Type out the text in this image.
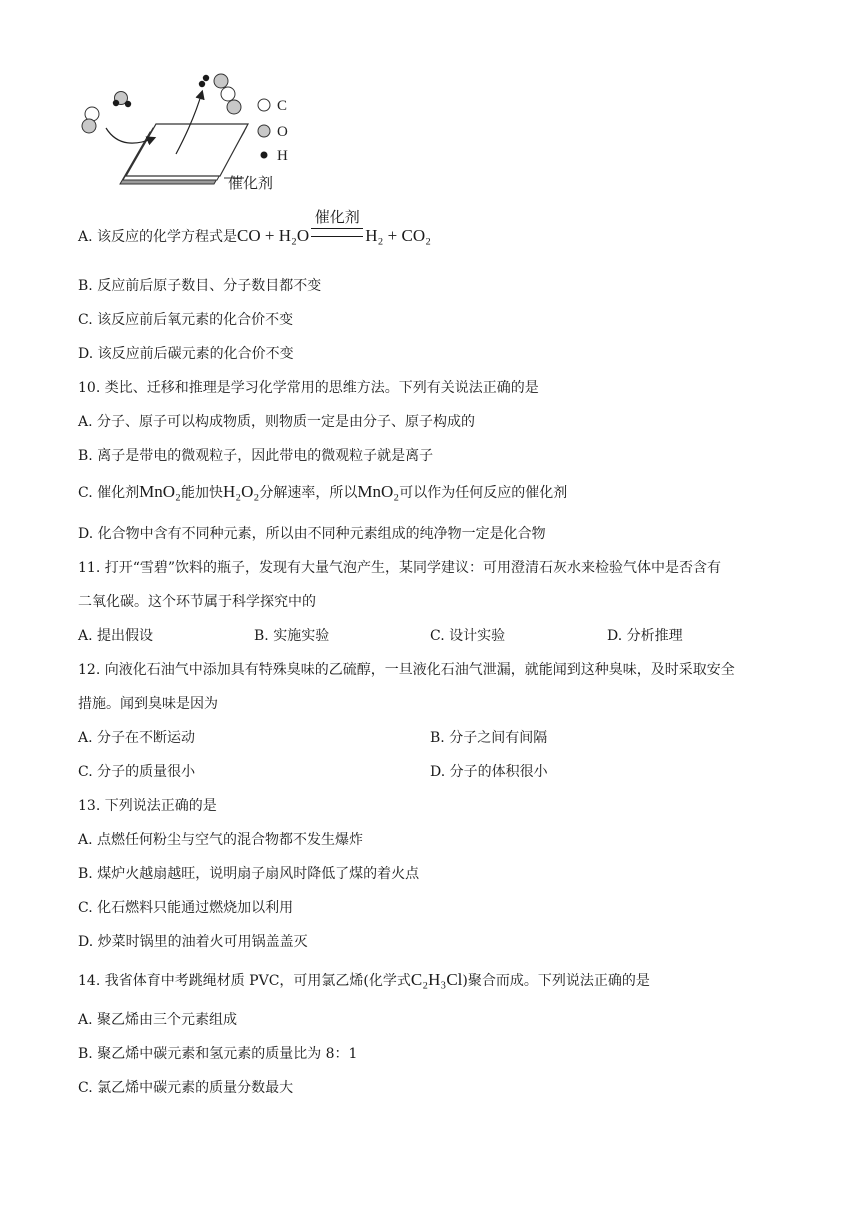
C
O
H
催化剂
A. 该反应的化学方程式是CO + H₂O
催化剂
H₂ + CO₂
B. 反应前后原子数目、分子数目都不变
C. 该反应前后氧元素的化合价不变
D. 该反应前后碳元素的化合价不变
10. 类比、迁移和推理是学习化学常用的思维方法。下列有关说法正确的是
A. 分子、原子可以构成物质，则物质一定是由分子、原子构成的
B. 离子是带电的微观粒子，因此带电的微观粒子就是离子
C. 催化剂MnO₂能加快H₂O₂分解速率，所以MnO₂可以作为任何反应的催化剂
D. 化合物中含有不同种元素，所以由不同种元素组成的纯净物一定是化合物
11. 打开“雪碧”饮料的瓶子，发现有大量气泡产生，某同学建议：可用澄清石灰水来检验气体中是否含有
二氧化碳。这个环节属于科学探究中的
A. 提出假设	B. 实施实验	C. 设计实验	D. 分析推理
12. 向液化石油气中添加具有特殊臭味的乙硫醇，一旦液化石油气泄漏，就能闻到这种臭味，及时采取安全
措施。闻到臭味是因为
A. 分子在不断运动	B. 分子之间有间隔
C. 分子的质量很小	D. 分子的体积很小
13. 下列说法正确的是
A. 点燃任何粉尘与空气的混合物都不发生爆炸
B. 煤炉火越扇越旺，说明扇子扇风时降低了煤的着火点
C. 化石燃料只能通过燃烧加以利用
D. 炒菜时锅里的油着火可用锅盖盖灭
14. 我省体育中考跳绳材质 PVC，可用氯乙烯(化学式C₂H₃Cl)聚合而成。下列说法正确的是
A. 聚乙烯由三个元素组成
B. 聚乙烯中碳元素和氢元素的质量比为 8：1
C. 氯乙烯中碳元素的质量分数最大
